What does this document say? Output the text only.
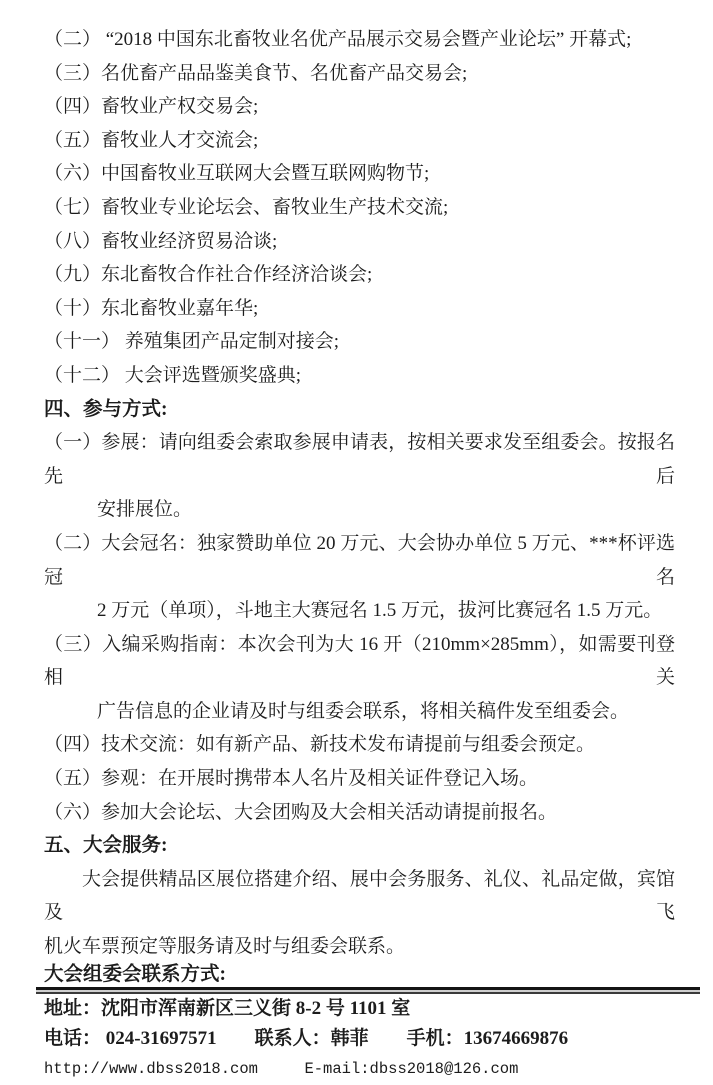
（二） “2018 中国东北畜牧业名优产品展示交易会暨产业论坛” 开幕式;
（三）名优畜产品品鉴美食节、名优畜产品交易会;
（四）畜牧业产权交易会;
（五）畜牧业人才交流会;
（六）中国畜牧业互联网大会暨互联网购物节;
（七）畜牧业专业论坛会、畜牧业生产技术交流;
（八）畜牧业经济贸易洽谈;
（九）东北畜牧合作社合作经济洽谈会;
（十）东北畜牧业嘉年华;
（十一） 养殖集团产品定制对接会;
（十二） 大会评选暨颁奖盛典;
四、参与方式:
（一）参展：请向组委会索取参展申请表，按相关要求发至组委会。按报名先后
安排展位。
（二）大会冠名：独家赞助单位 20 万元、大会协办单位 5 万元、***杯评选冠名
2 万元（单项），斗地主大赛冠名 1.5 万元，拔河比赛冠名 1.5 万元。
（三）入编采购指南：本次会刊为大 16 开（210mm×285mm），如需要刊登相关
广告信息的企业请及时与组委会联系，将相关稿件发至组委会。
（四）技术交流：如有新产品、新技术发布请提前与组委会预定。
（五）参观：在开展时携带本人名片及相关证件登记入场。
（六）参加大会论坛、大会团购及大会相关活动请提前报名。
五、大会服务:
大会提供精品区展位搭建介绍、展中会务服务、礼仪、礼品定做，宾馆及飞
机火车票预定等服务请及时与组委会联系。
大会组委会联系方式:
地址：沈阳市浑南新区三义街 8-2 号 1101 室
电话： 024-31697571        联系人：韩菲        手机：13674669876
http://www.dbss2018.com     E-mail:dbss2018@126.com
